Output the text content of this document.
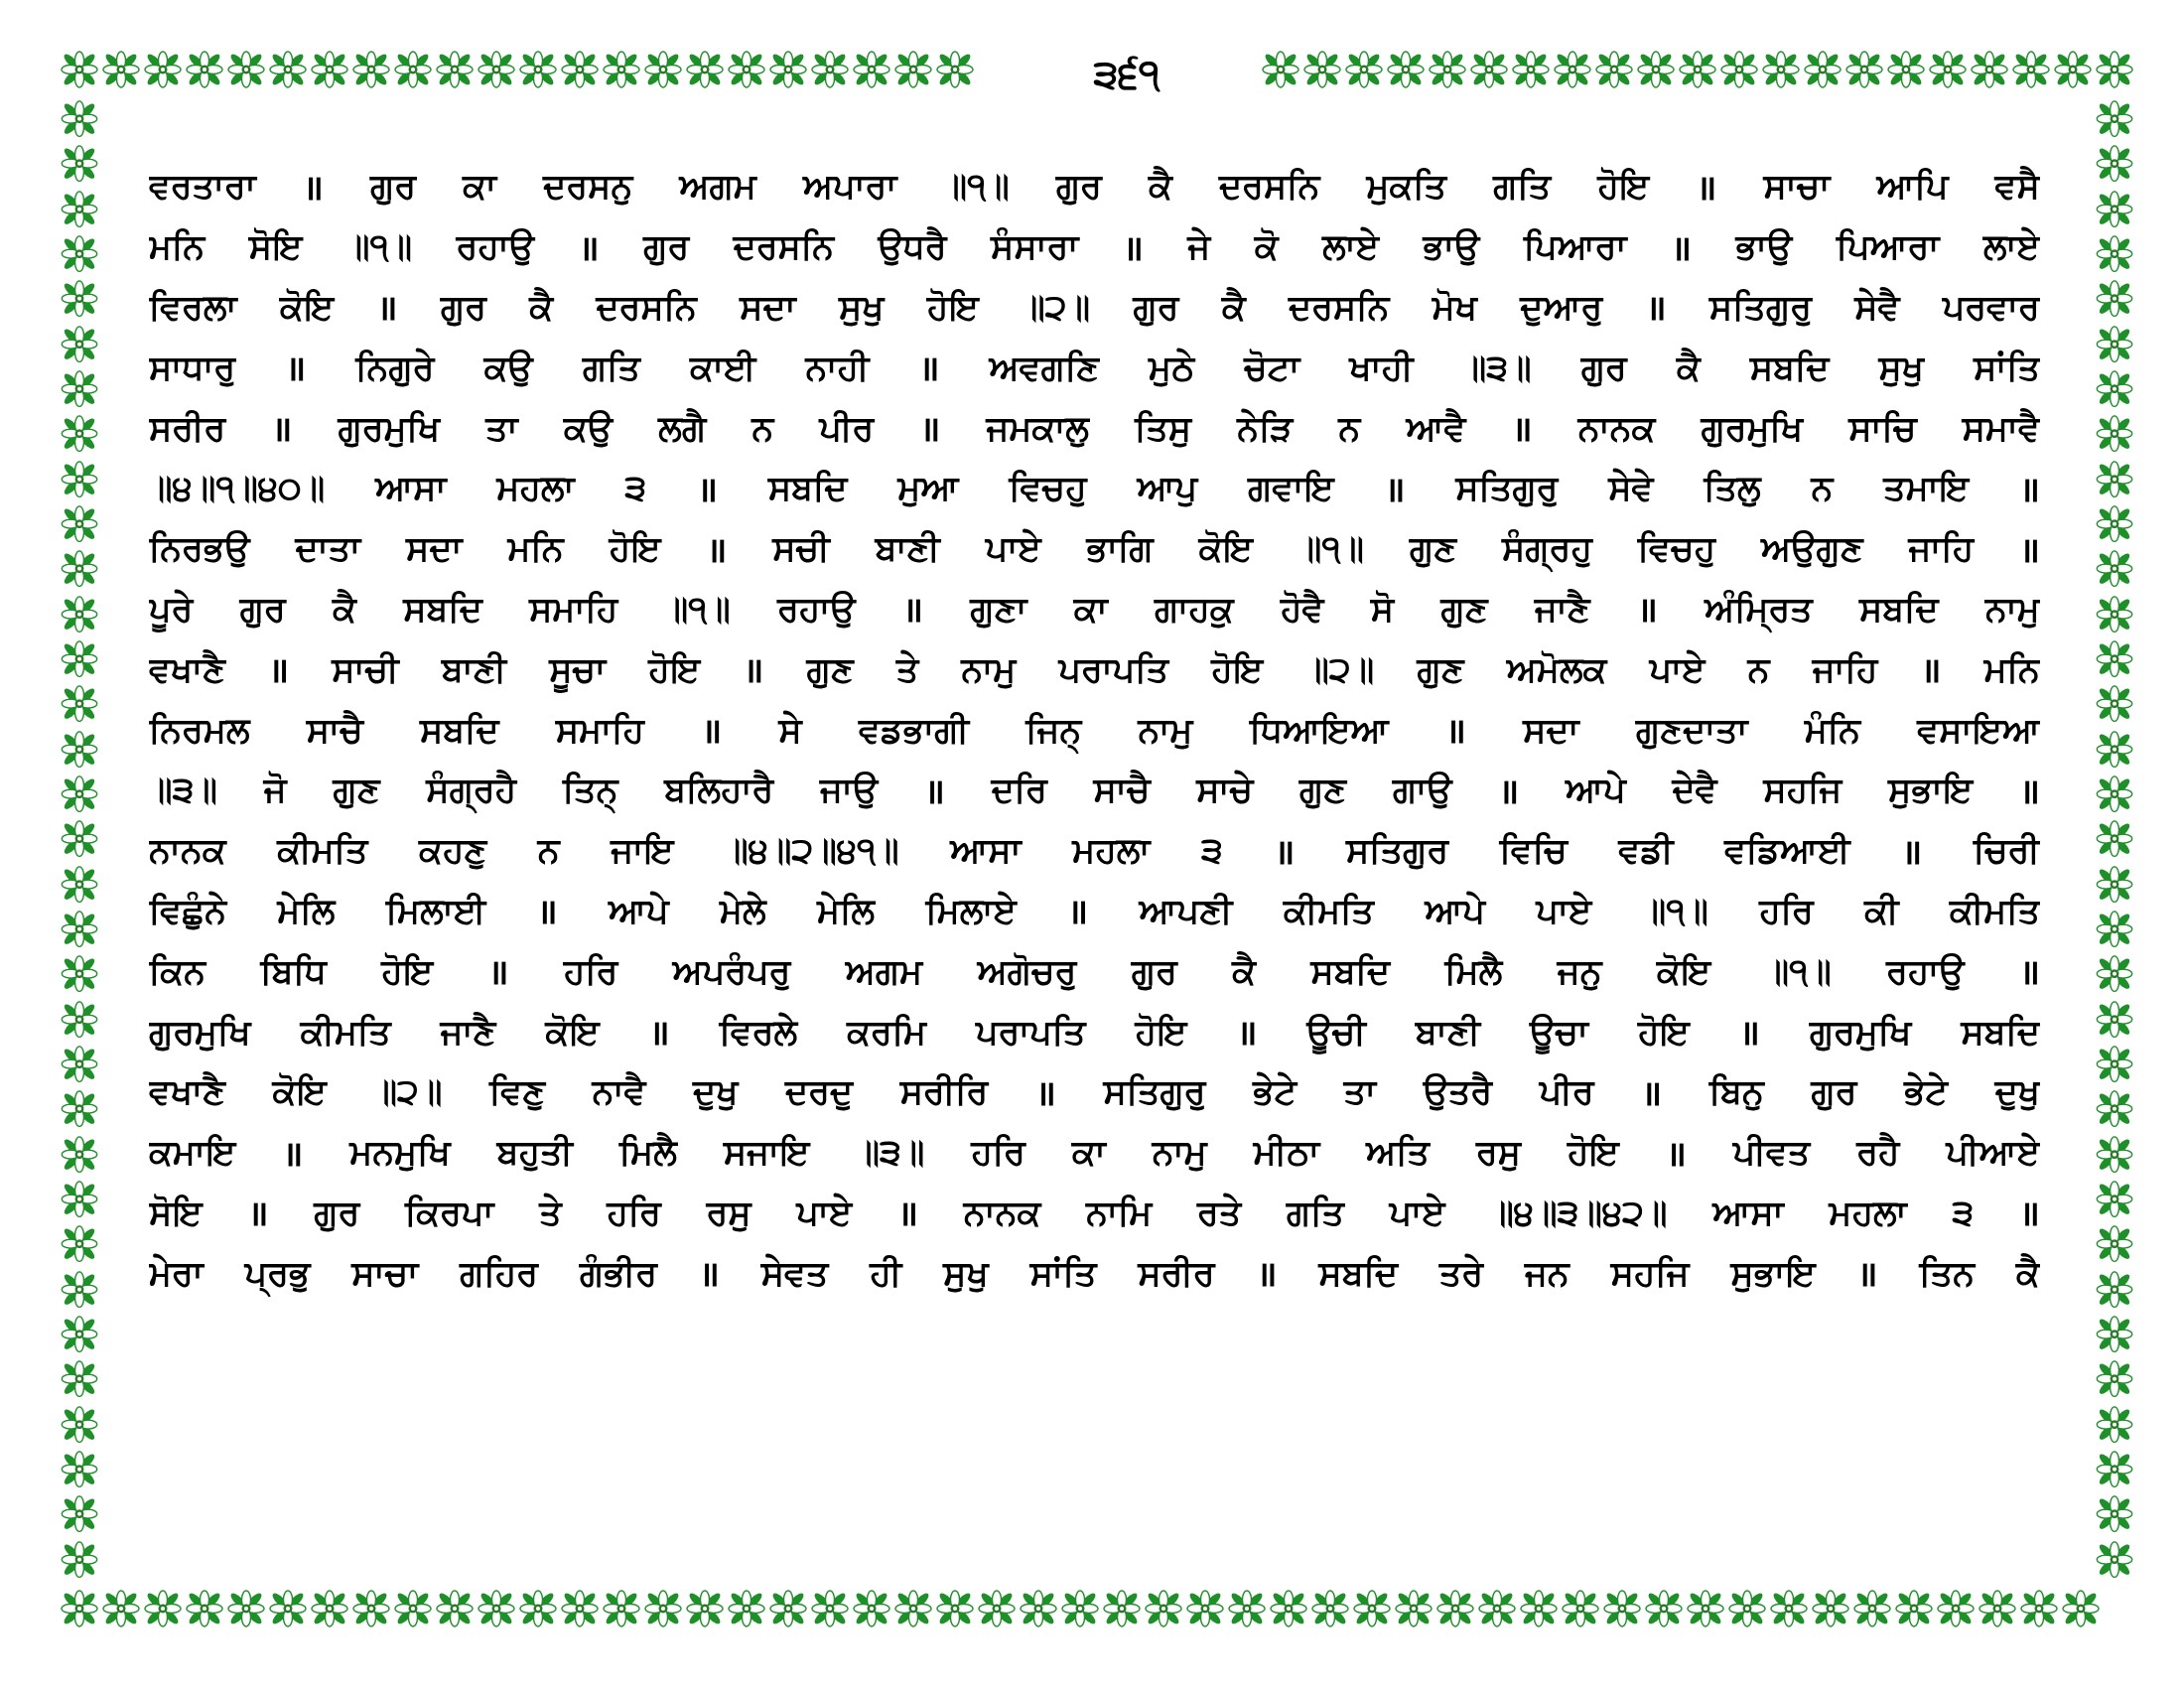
੩੬੧
ਵਰਤਾਰਾ ॥ ਗੁਰ ਕਾ ਦਰਸਨੁ ਅਗਮ ਅਪਾਰਾ ॥੧॥ ਗੁਰ ਕੈ ਦਰਸਨਿ ਮੁਕਤਿ ਗਤਿ ਹੋਇ ॥ ਸਾਚਾ ਆਪਿ ਵਸੈ
ਮਨਿ ਸੋਇ ॥੧॥ ਰਹਾਉ ॥ ਗੁਰ ਦਰਸਨਿ ਉਧਰੈ ਸੰਸਾਰਾ ॥ ਜੇ ਕੋ ਲਾਏ ਭਾਉ ਪਿਆਰਾ ॥ ਭਾਉ ਪਿਆਰਾ ਲਾਏ
ਵਿਰਲਾ ਕੋਇ ॥ ਗੁਰ ਕੈ ਦਰਸਨਿ ਸਦਾ ਸੁਖੁ ਹੋਇ ॥੨॥ ਗੁਰ ਕੈ ਦਰਸਨਿ ਮੋਖ ਦੁਆਰੁ ॥ ਸਤਿਗੁਰੁ ਸੇਵੈ ਪਰਵਾਰ
ਸਾਧਾਰੁ ॥ ਨਿਗੁਰੇ ਕਉ ਗਤਿ ਕਾਈ ਨਾਹੀ ॥ ਅਵਗਣਿ ਮੁਠੇ ਚੋਟਾ ਖਾਹੀ ॥੩॥ ਗੁਰ ਕੈ ਸਬਦਿ ਸੁਖੁ ਸਾਂਤਿ
ਸਰੀਰ ॥ ਗੁਰਮੁਖਿ ਤਾ ਕਉ ਲਗੈ ਨ ਪੀਰ ॥ ਜਮਕਾਲੁ ਤਿਸੁ ਨੇੜਿ ਨ ਆਵੈ ॥ ਨਾਨਕ ਗੁਰਮੁਖਿ ਸਾਚਿ ਸਮਾਵੈ
॥੪॥੧॥੪੦॥ ਆਸਾ ਮਹਲਾ ੩ ॥ ਸਬਦਿ ਮੁਆ ਵਿਚਹੁ ਆਪੁ ਗਵਾਇ ॥ ਸਤਿਗੁਰੁ ਸੇਵੇ ਤਿਲੁ ਨ ਤਮਾਇ ॥
ਨਿਰਭਉ ਦਾਤਾ ਸਦਾ ਮਨਿ ਹੋਇ ॥ ਸਚੀ ਬਾਣੀ ਪਾਏ ਭਾਗਿ ਕੋਇ ॥੧॥ ਗੁਣ ਸੰਗ੍ਰਹੁ ਵਿਚਹੁ ਅਉਗੁਣ ਜਾਹਿ ॥
ਪੂਰੇ ਗੁਰ ਕੈ ਸਬਦਿ ਸਮਾਹਿ ॥੧॥ ਰਹਾਉ ॥ ਗੁਣਾ ਕਾ ਗਾਹਕੁ ਹੋਵੈ ਸੋ ਗੁਣ ਜਾਣੈ ॥ ਅੰਮ੍ਰਿਤ ਸਬਦਿ ਨਾਮੁ
ਵਖਾਣੈ ॥ ਸਾਚੀ ਬਾਣੀ ਸੂਚਾ ਹੋਇ ॥ ਗੁਣ ਤੇ ਨਾਮੁ ਪਰਾਪਤਿ ਹੋਇ ॥੨॥ ਗੁਣ ਅਮੋਲਕ ਪਾਏ ਨ ਜਾਹਿ ॥ ਮਨਿ
ਨਿਰਮਲ ਸਾਚੈ ਸਬਦਿ ਸਮਾਹਿ ॥ ਸੇ ਵਡਭਾਗੀ ਜਿਨ੍ ਨਾਮੁ ਧਿਆਇਆ ॥ ਸਦਾ ਗੁਣਦਾਤਾ ਮੰਨਿ ਵਸਾਇਆ
॥੩॥ ਜੋ ਗੁਣ ਸੰਗ੍ਰਹੈ ਤਿਨ੍ ਬਲਿਹਾਰੈ ਜਾਉ ॥ ਦਰਿ ਸਾਚੈ ਸਾਚੇ ਗੁਣ ਗਾਉ ॥ ਆਪੇ ਦੇਵੈ ਸਹਜਿ ਸੁਭਾਇ ॥
ਨਾਨਕ ਕੀਮਤਿ ਕਹਣੁ ਨ ਜਾਇ ॥੪॥੨॥੪੧॥ ਆਸਾ ਮਹਲਾ ੩ ॥ ਸਤਿਗੁਰ ਵਿਚਿ ਵਡੀ ਵਡਿਆਈ ॥ ਚਿਰੀ
ਵਿਛੁੰਨੇ ਮੇਲਿ ਮਿਲਾਈ ॥ ਆਪੇ ਮੇਲੇ ਮੇਲਿ ਮਿਲਾਏ ॥ ਆਪਣੀ ਕੀਮਤਿ ਆਪੇ ਪਾਏ ॥੧॥ ਹਰਿ ਕੀ ਕੀਮਤਿ
ਕਿਨ ਬਿਧਿ ਹੋਇ ॥ ਹਰਿ ਅਪਰੰਪਰੁ ਅਗਮ ਅਗੋਚਰੁ ਗੁਰ ਕੈ ਸਬਦਿ ਮਿਲੈ ਜਨੁ ਕੋਇ ॥੧॥ ਰਹਾਉ ॥
ਗੁਰਮੁਖਿ ਕੀਮਤਿ ਜਾਣੈ ਕੋਇ ॥ ਵਿਰਲੇ ਕਰਮਿ ਪਰਾਪਤਿ ਹੋਇ ॥ ਊਚੀ ਬਾਣੀ ਊਚਾ ਹੋਇ ॥ ਗੁਰਮੁਖਿ ਸਬਦਿ
ਵਖਾਣੈ ਕੋਇ ॥੨॥ ਵਿਣੁ ਨਾਵੈ ਦੁਖੁ ਦਰਦੁ ਸਰੀਰਿ ॥ ਸਤਿਗੁਰੁ ਭੇਟੇ ਤਾ ਉਤਰੈ ਪੀਰ ॥ ਬਿਨੁ ਗੁਰ ਭੇਟੇ ਦੁਖੁ
ਕਮਾਇ ॥ ਮਨਮੁਖਿ ਬਹੁਤੀ ਮਿਲੈ ਸਜਾਇ ॥੩॥ ਹਰਿ ਕਾ ਨਾਮੁ ਮੀਠਾ ਅਤਿ ਰਸੁ ਹੋਇ ॥ ਪੀਵਤ ਰਹੈ ਪੀਆਏ
ਸੋਇ ॥ ਗੁਰ ਕਿਰਪਾ ਤੇ ਹਰਿ ਰਸੁ ਪਾਏ ॥ ਨਾਨਕ ਨਾਮਿ ਰਤੇ ਗਤਿ ਪਾਏ ॥੪॥੩॥੪੨॥ ਆਸਾ ਮਹਲਾ ੩ ॥
ਮੇਰਾ ਪ੍ਰਭੁ ਸਾਚਾ ਗਹਿਰ ਗੰਭੀਰ ॥ ਸੇਵਤ ਹੀ ਸੁਖੁ ਸਾਂਤਿ ਸਰੀਰ ॥ ਸਬਦਿ ਤਰੇ ਜਨ ਸਹਜਿ ਸੁਭਾਇ ॥ ਤਿਨ ਕੈ
